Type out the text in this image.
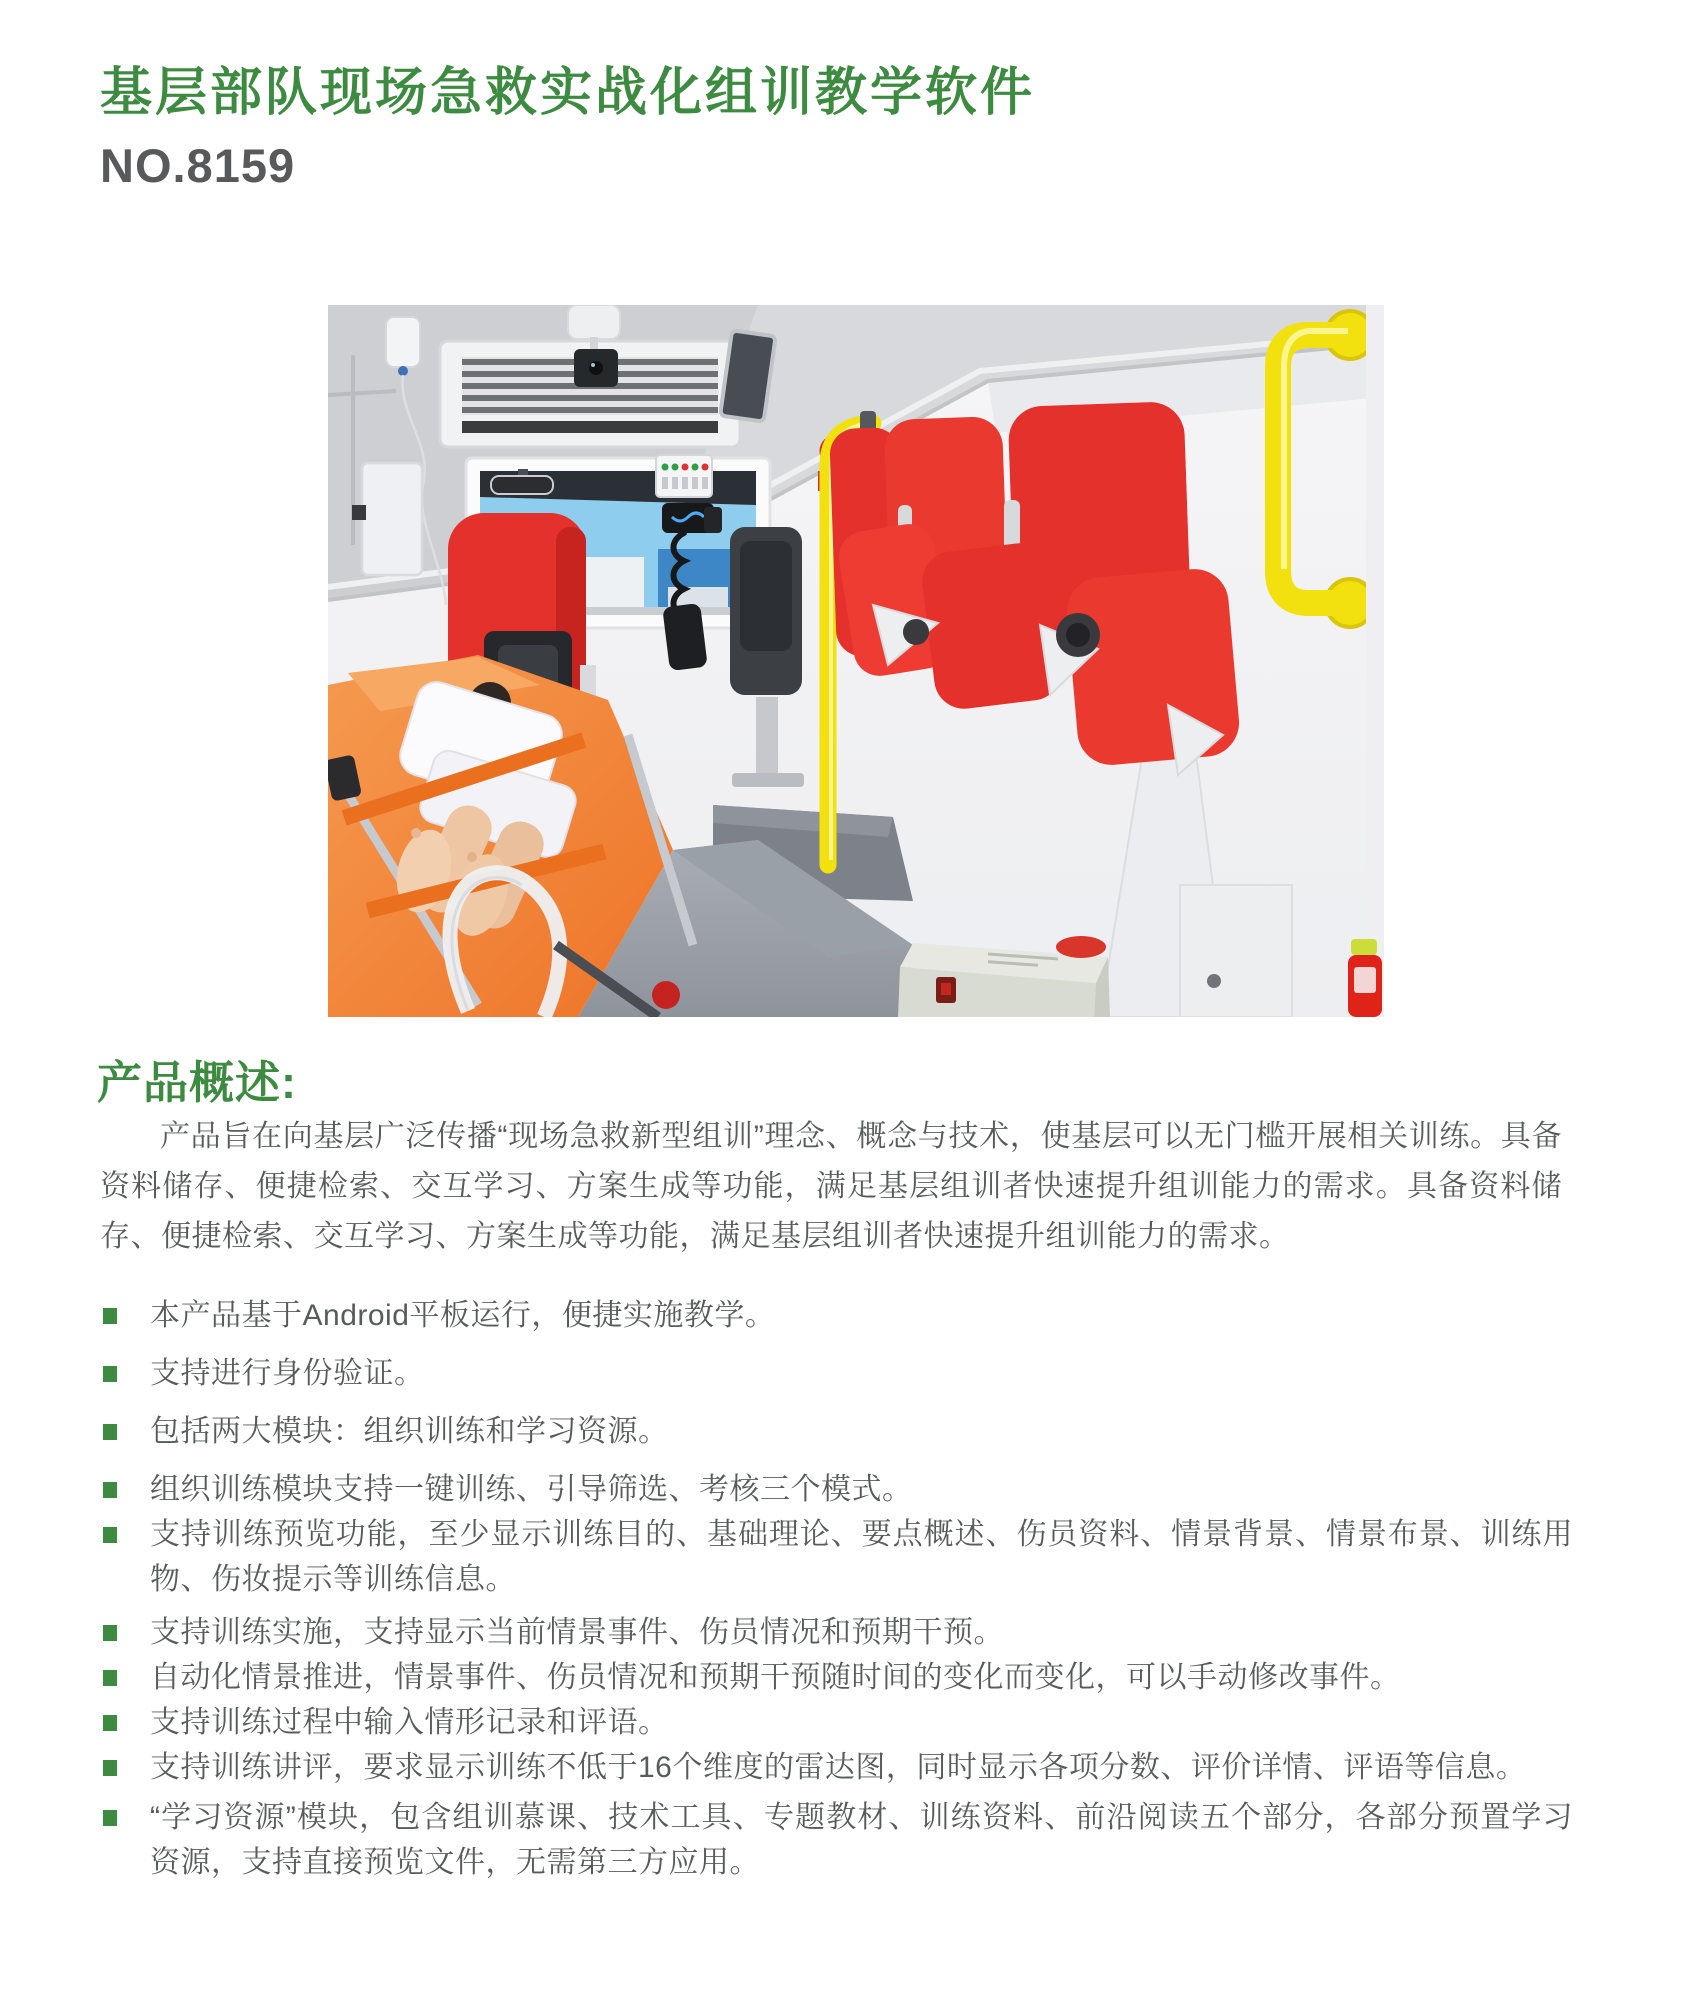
基层部队现场急救实战化组训教学软件
NO.8159
产品概述:

产品旨在向基层广泛传播“现场急救新型组训”理念、概念与技术，使基层可以无门槛开展相关训练。具备资料储存、便捷检索、交互学习、方案生成等功能，满足基层组训者快速提升组训能力的需求。具备资料储存、便捷检索、交互学习、方案生成等功能，满足基层组训者快速提升组训能力的需求。

本产品基于Android平板运行，便捷实施教学。
支持进行身份验证。
包括两大模块：组织训练和学习资源。
组织训练模块支持一键训练、引导筛选、考核三个模式。
支持训练预览功能，至少显示训练目的、基础理论、要点概述、伤员资料、情景背景、情景布景、训练用物、伤妆提示等训练信息。
支持训练实施，支持显示当前情景事件、伤员情况和预期干预。
自动化情景推进，情景事件、伤员情况和预期干预随时间的变化而变化，可以手动修改事件。
支持训练过程中输入情形记录和评语。
支持训练讲评，要求显示训练不低于16个维度的雷达图，同时显示各项分数、评价详情、评语等信息。
“学习资源”模块，包含组训慕课、技术工具、专题教材、训练资料、前沿阅读五个部分，各部分预置学习资源，支持直接预览文件，无需第三方应用。
